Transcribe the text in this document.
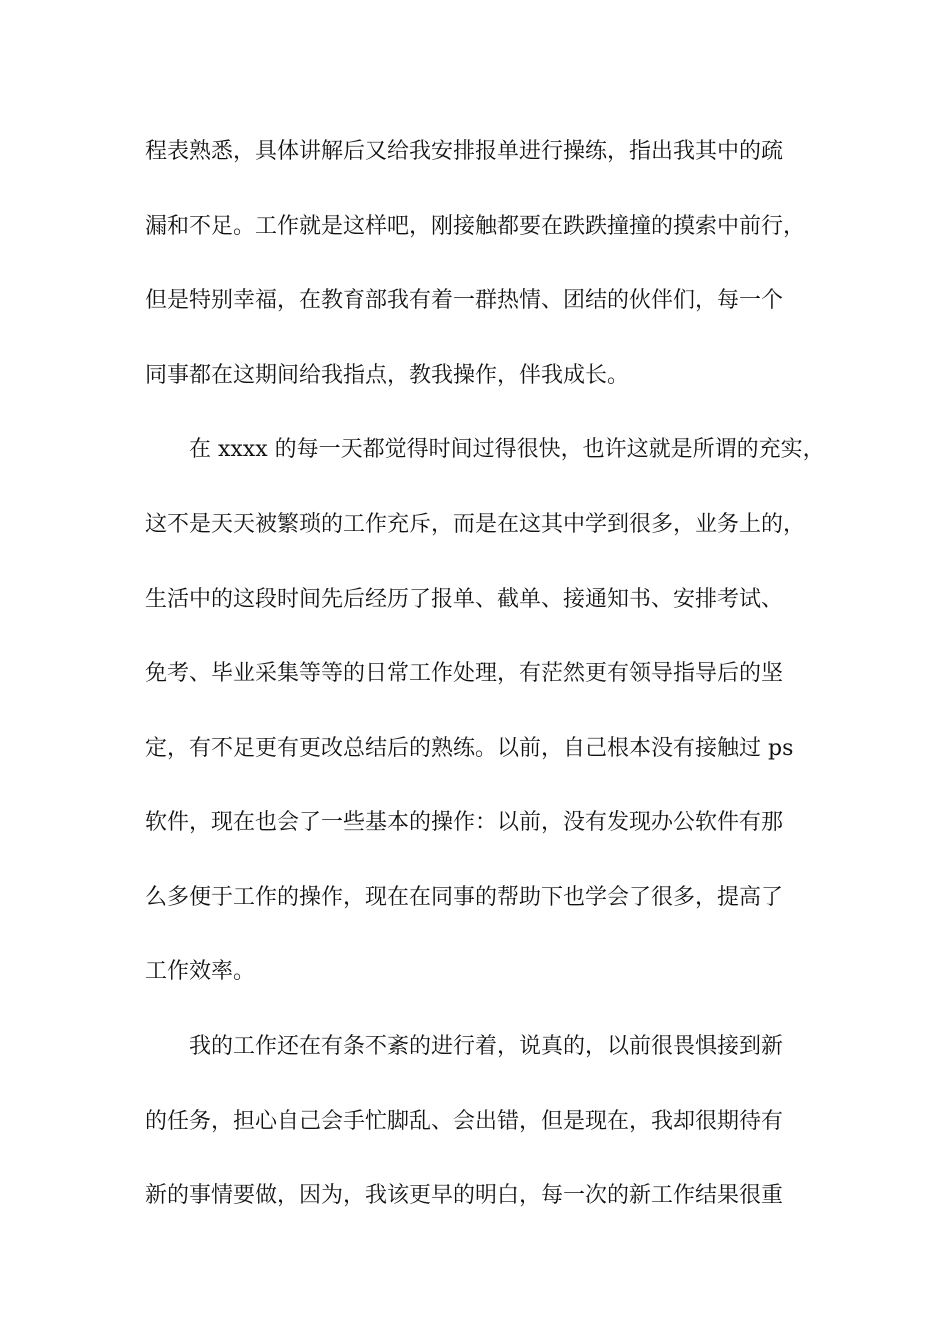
程表熟悉，具体讲解后又给我安排报单进行操练，指出我其中的疏
漏和不足。工作就是这样吧，刚接触都要在跌跌撞撞的摸索中前行，
但是特别幸福，在教育部我有着一群热情、团结的伙伴们，每一个
同事都在这期间给我指点，教我操作，伴我成长。
在 xxxx 的每一天都觉得时间过得很快，也许这就是所谓的充实，
这不是天天被繁琐的工作充斥，而是在这其中学到很多，业务上的，
生活中的这段时间先后经历了报单、截单、接通知书、安排考试、
免考、毕业采集等等的日常工作处理，有茫然更有领导指导后的坚
定，有不足更有更改总结后的熟练。以前，自己根本没有接触过 ps
软件，现在也会了一些基本的操作：以前，没有发现办公软件有那
么多便于工作的操作，现在在同事的帮助下也学会了很多，提高了
工作效率。
我的工作还在有条不紊的进行着，说真的，以前很畏惧接到新
的任务，担心自己会手忙脚乱、会出错，但是现在，我却很期待有
新的事情要做，因为，我该更早的明白，每一次的新工作结果很重
